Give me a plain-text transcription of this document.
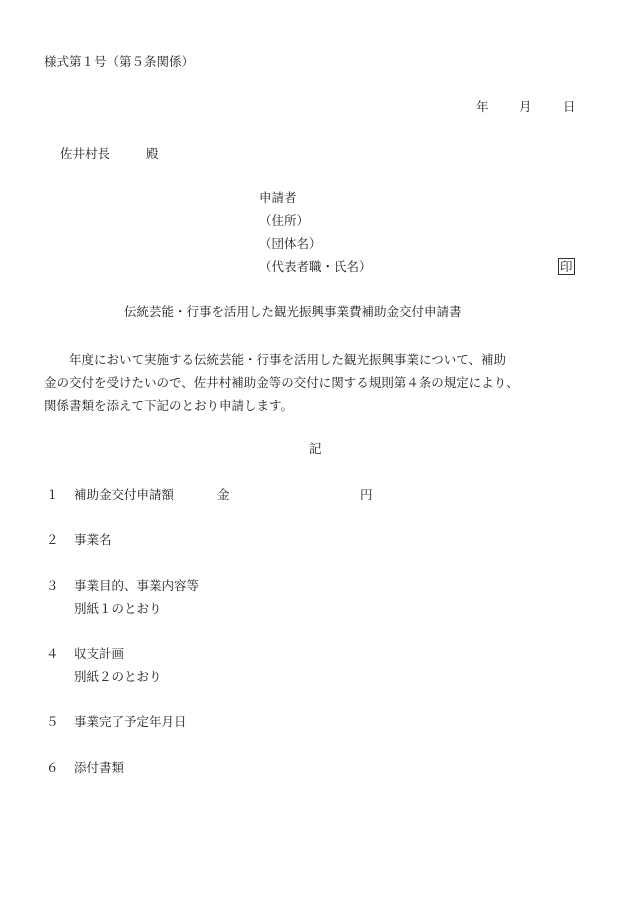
様式第１号（第５条関係）
年 月	日
佐井村長	殿
申請者
（住所）
（団体名）
（代表者職・氏名）	印
伝統芸能・行事を活用した観光振興事業費補助金交付申請書
　　年度において実施する伝統芸能・行事を活用した観光振興事業について、補助
金の交付を受けたいので、佐井村補助金等の交付に関する規則第４条の規定により、
関係書類を添えて下記のとおり申請します。
記
１ 補助金交付申請額	金	円
２ 事業名
３ 事業目的、事業内容等
別紙１のとおり
４ 収支計画
別紙２のとおり
５ 事業完了予定年月日
６ 添付書類
